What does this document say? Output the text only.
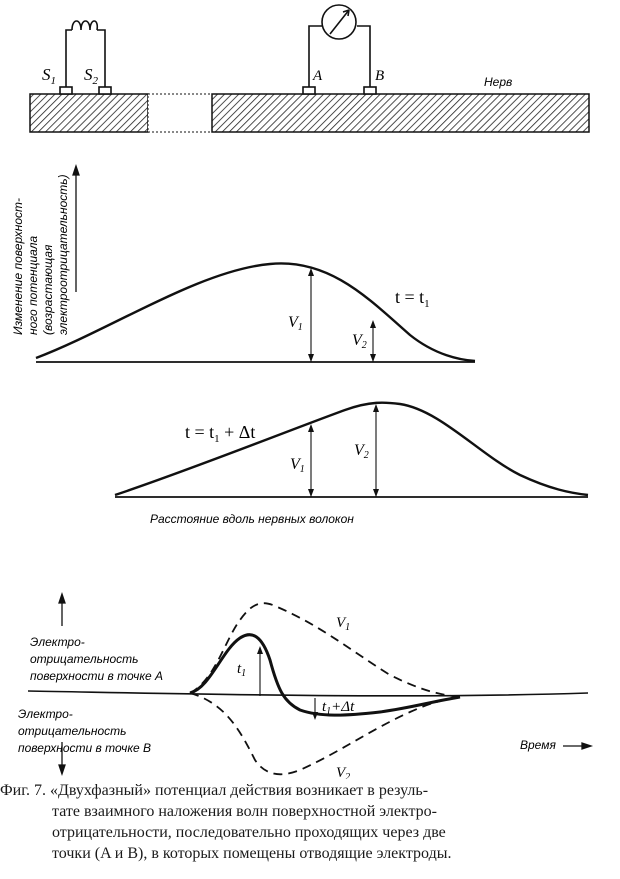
$S_1$ $S_2$	A	B	Нерв
Изменение поверхност- ного потенциала (возрастающая электроотрицательность)	V1
V2
$t = t_1$
V1
V2
$t = t_1 + \Delta t$
Расстояние вдоль нервных волокон
Электро- отрицательность поверхности в точке A
Электро- отрицательность поверхности в точке B
$V_1$
$V_2$
$t_1$
$t_1+\Delta t$
Время

Фиг. 7. «Двухфазный» потенциал действия возникает в резуль-

тате взаимного наложения волн поверхностной электро-

отрицательности, последовательно проходящих через две

точки (A и B), в которых помещены отводящие электроды.
